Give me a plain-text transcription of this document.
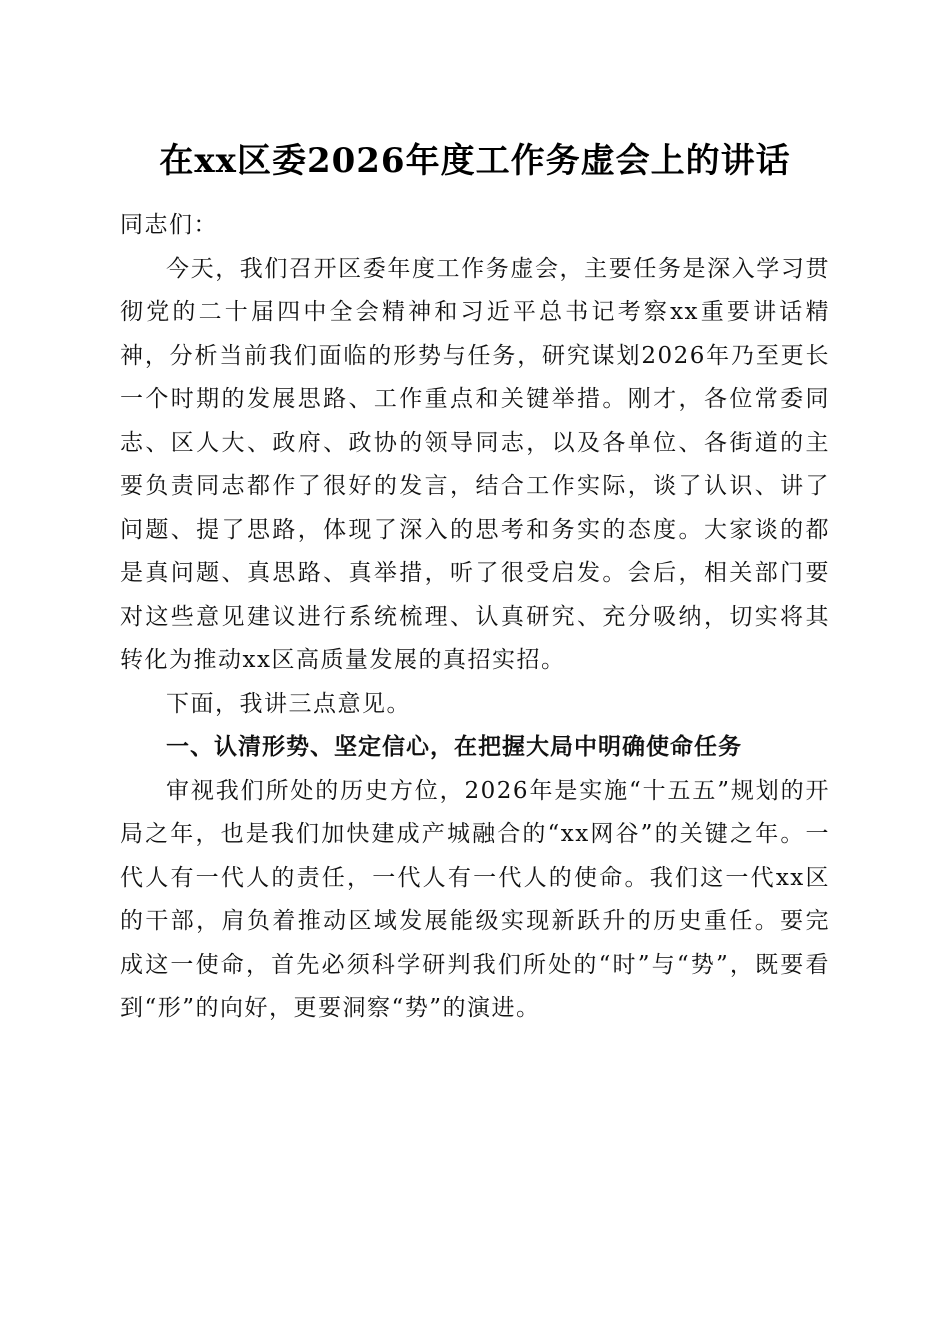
在xx区委2026年度工作务虚会上的讲话

同志们：

今天，我们召开区委年度工作务虚会，主要任务是深入学习贯彻党的二十届四中全会精神和习近平总书记考察xx重要讲话精神，分析当前我们面临的形势与任务，研究谋划2026年乃至更长一个时期的发展思路、工作重点和关键举措。刚才，各位常委同志、区人大、政府、政协的领导同志，以及各单位、各街道的主要负责同志都作了很好的发言，结合工作实际，谈了认识、讲了问题、提了思路，体现了深入的思考和务实的态度。大家谈的都是真问题、真思路、真举措，听了很受启发。会后，相关部门要对这些意见建议进行系统梳理、认真研究、充分吸纳，切实将其转化为推动xx区高质量发展的真招实招。

下面，我讲三点意见。

一、认清形势、坚定信心，在把握大局中明确使命任务

审视我们所处的历史方位，2026年是实施“十五五”规划的开局之年，也是我们加快建成产城融合的“xx网谷”的关键之年。一代人有一代人的责任，一代人有一代人的使命。我们这一代xx区的干部，肩负着推动区域发展能级实现新跃升的历史重任。要完成这一使命，首先必须科学研判我们所处的“时”与“势”，既要看到“形”的向好，更要洞察“势”的演进。
